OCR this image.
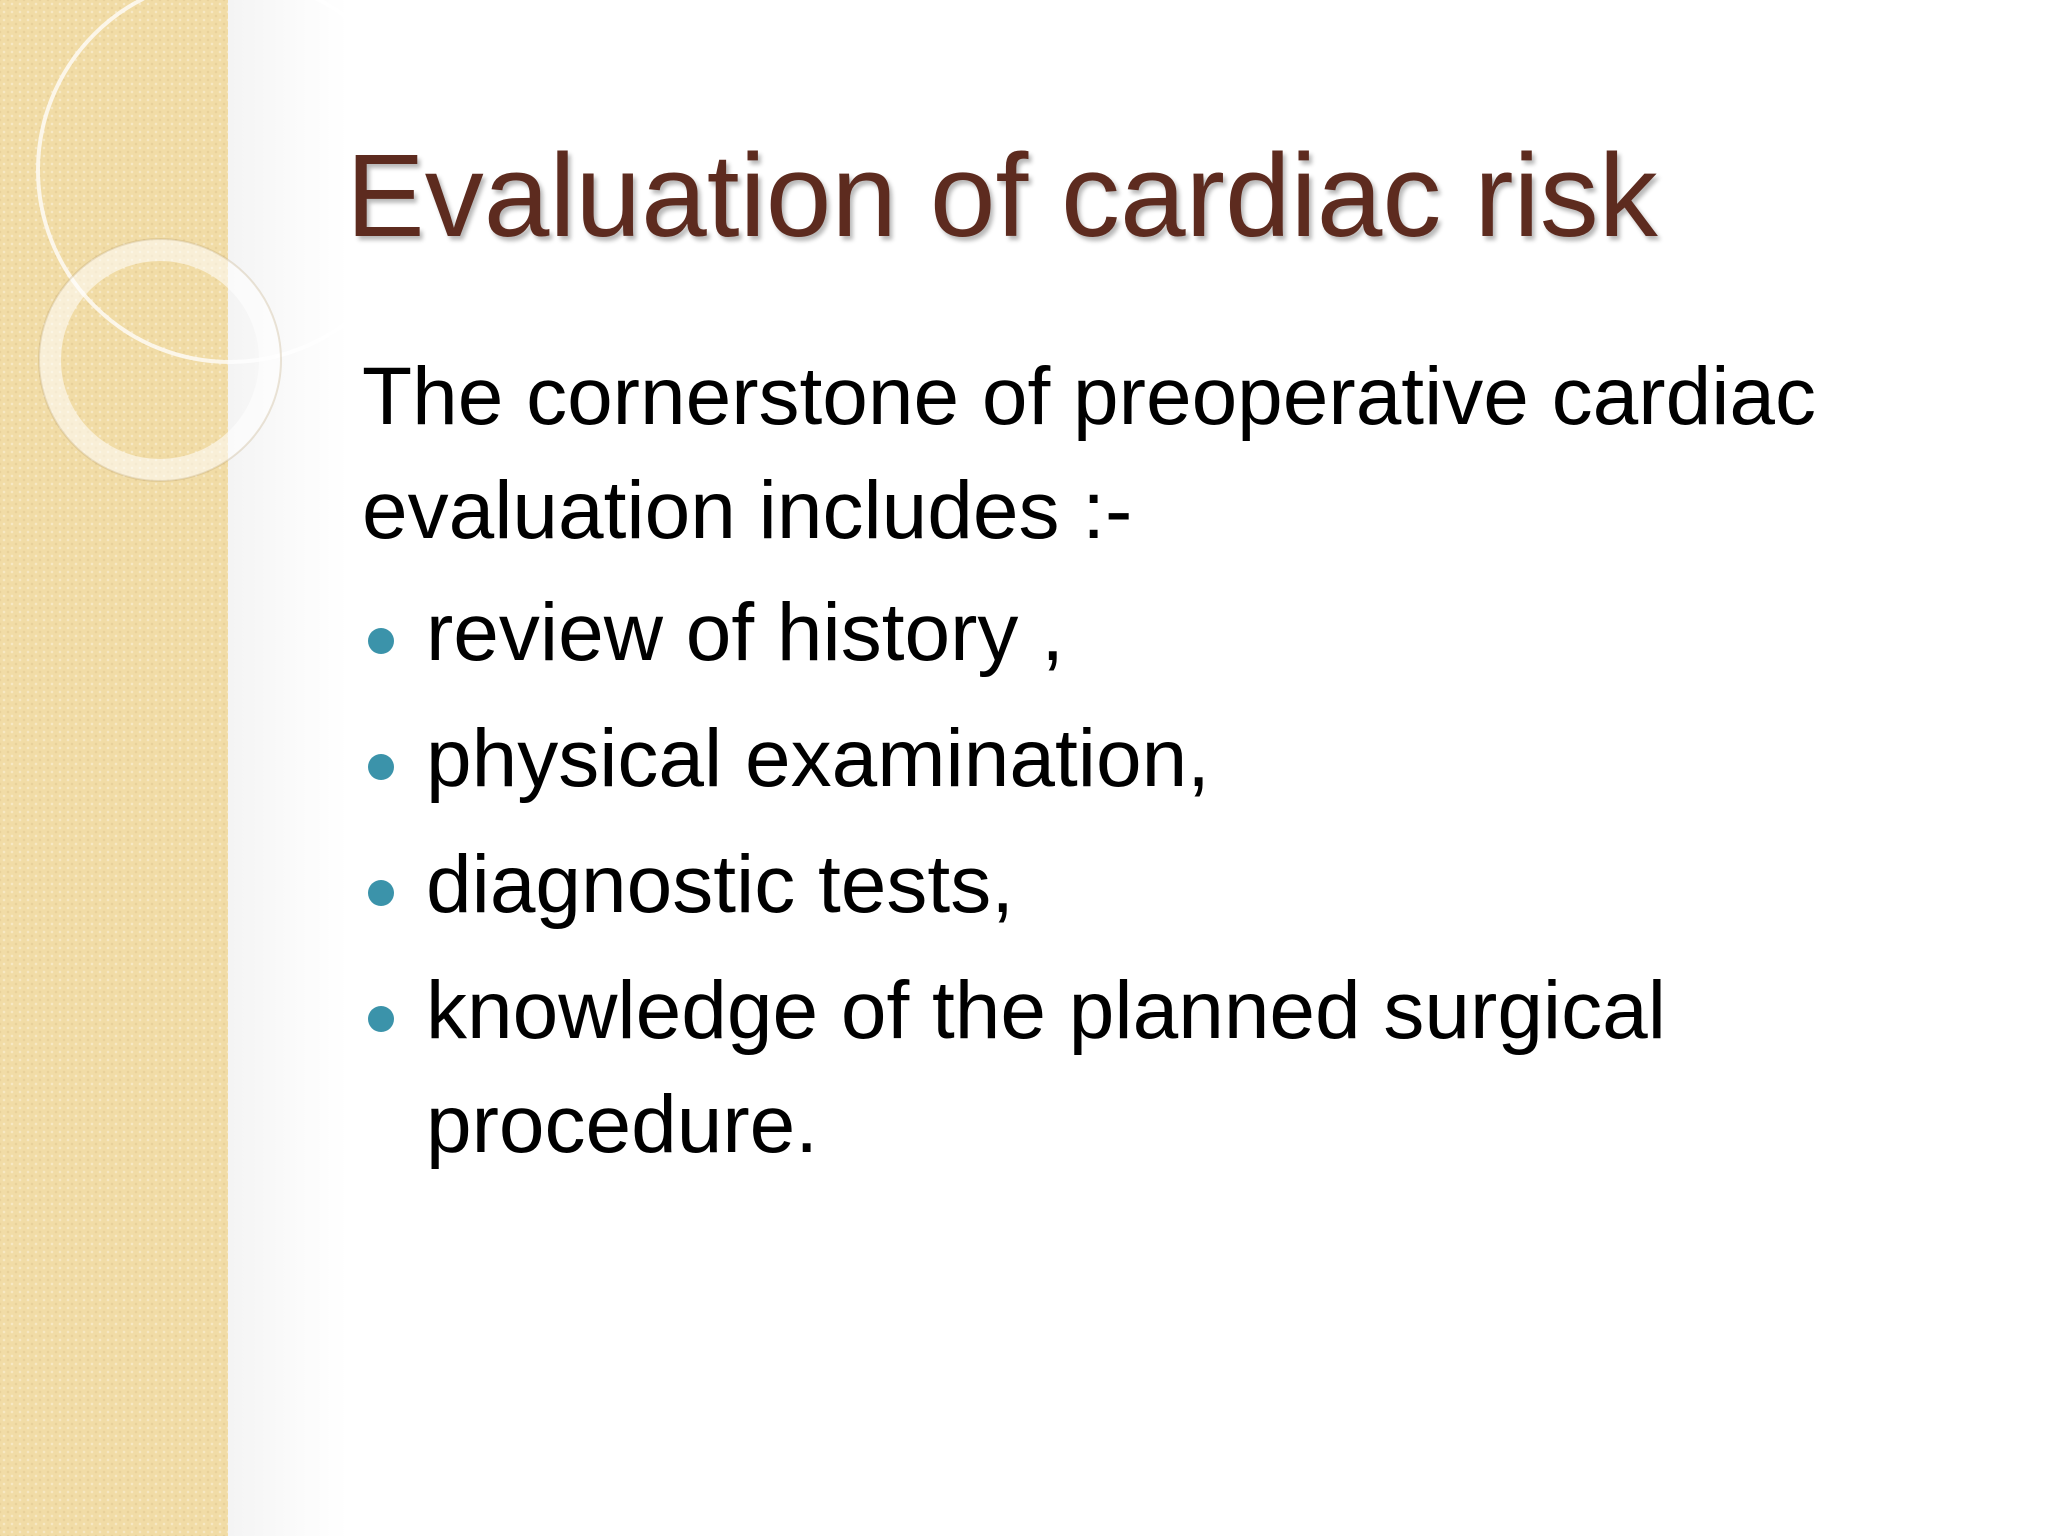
Evaluation of cardiac risk

The cornerstone of preoperative cardiac evaluation includes :-

review of history ,
physical examination,
diagnostic tests,
knowledge of the planned surgical procedure.
